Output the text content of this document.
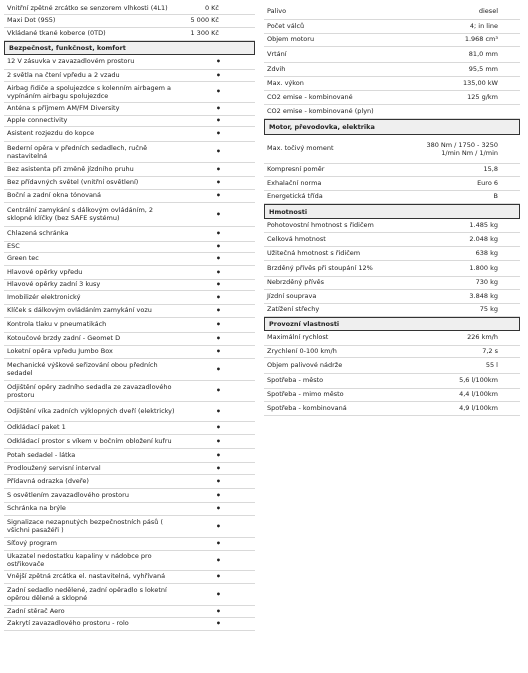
Vnitřní zpětné zrcátko se senzorem vlhkosti (4L1)	0 Kč
Maxi Dot (9S5)	5 000 Kč
Vkládané tkané koberce (0TD)	1 300 Kč
Bezpečnost, funkčnost, komfort
12 V zásuvka v zavazadlovém prostoru	•
2 světla na čtení vpředu a 2 vzadu	•
Airbag řidiče a spolujezdce s kolenním airbagem a vypínáním airbagu spolujezdce	•
Anténa s příjmem AM/FM Diversity	•
Apple connectivity	•
Asistent rozjezdu do kopce	•
Bederní opěra v předních sedadlech, ručně nastavitelná	•
Bez asistenta při změně jízdního pruhu	•
Bez přídavných světel (vnitřní osvětlení)	•
Boční a zadní okna tónovaná	•
Centrální zamykání s dálkovým ovládáním, 2 sklopné klíčky (bez SAFE systému)	•
Chlazená schránka	•
ESC	•
Green tec	•
Hlavové opěrky vpředu	•
Hlavové opěrky zadní 3 kusy	•
Imobilizér elektronický	•
Klíček s dálkovým ovládáním zamykání vozu	•
Kontrola tlaku v pneumatikách	•
Kotoučové brzdy zadní - Geomet D	•
Loketní opěra vpředu Jumbo Box	•
Mechanické výškové seřizování obou předních sedadel	•
Odjištění opěry zadního sedadla ze zavazadlového prostoru	•
Odjištění víka zadních výklopných dveří (elektricky)	•
Odkládací paket 1	•
Odkládací prostor s víkem v bočním obložení kufru	•
Potah sedadel - látka	•
Prodloužený servisní interval	•
Přídavná odrazka (dveře)	•
S osvětlením zavazadlového prostoru	•
Schránka na brýle	•
Signalizace nezapnutých bezpečnostních pásů ( všichni pasažéři )	•
Síťový program	•
Ukazatel nedostatku kapaliny v nádobce pro ostřikovače	•
Vnější zpětná zrcátka el. nastavitelná, vyhřívaná	•
Zadní sedadlo nedělené, zadní opěradlo s loketní opěrou dělené a sklopné	•
Zadní stěrač Aero	•
Zakrytí zavazadlového prostoru - rolo	•
Palivo	diesel
Počet válců	4; in line
Objem motoru	1.968 cm³
Vrtání	81,0 mm
Zdvih	95,5 mm
Max. výkon	135,00 kW
CO2 emise - kombinované	125 g/km
CO2 emise - kombinované (plyn)
Motor, převodovka, elektrika
Max. točivý moment	380 Nm / 1750 - 3250 1/min Nm / 1/min
Kompresní poměr	15,8
Exhalační norma	Euro 6
Energetická třída	B
Hmotnosti
Pohotovostní hmotnost s řidičem	1.485 kg
Celková hmotnost	2.048 kg
Užitečná hmotnost s řidičem	638 kg
Brzděný přívěs při stoupání 12%	1.800 kg
Nebrzděný přívěs	730 kg
Jízdní souprava	3.848 kg
Zatížení střechy	75 kg
Provozní vlastnosti
Maximální rychlost	226 km/h
Zrychlení 0-100 km/h	7,2 s
Objem palivové nádrže	55 l
Spotřeba - město	5,6 l/100km
Spotřeba - mimo město	4,4 l/100km
Spotřeba - kombinovaná	4,9 l/100km
